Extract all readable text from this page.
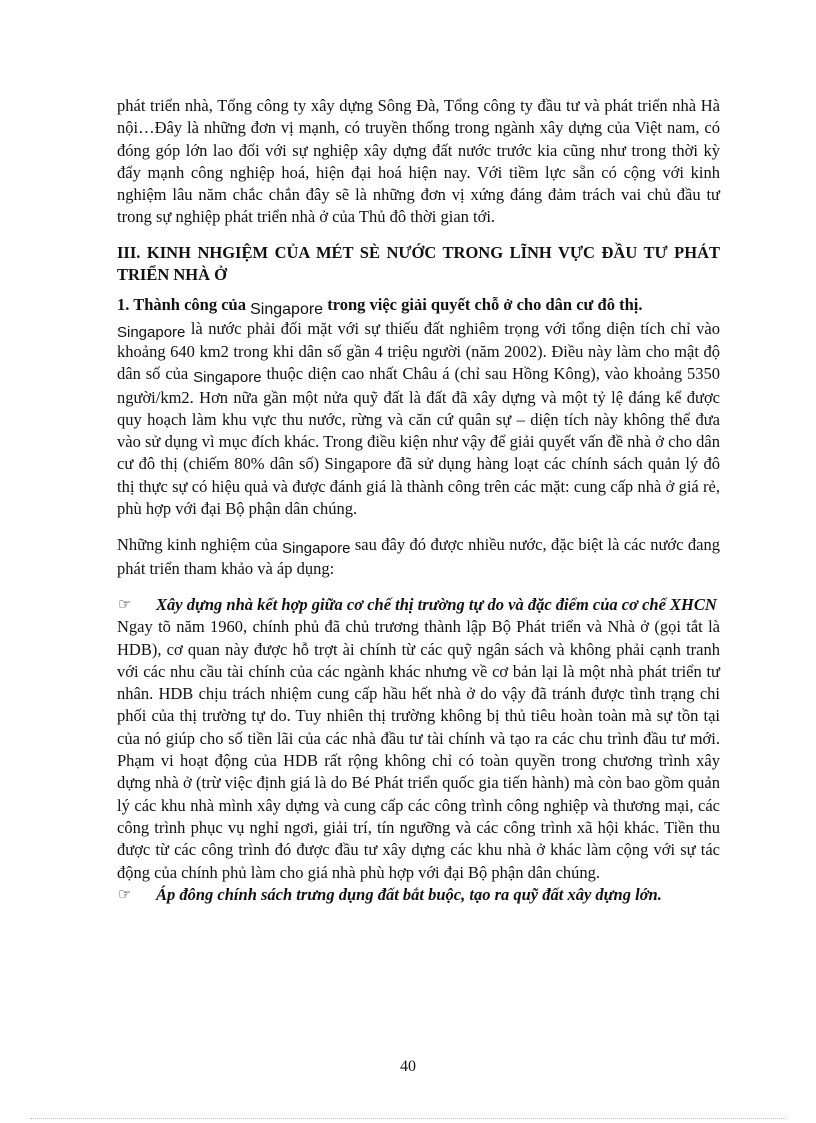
phát triển nhà, Tổng công ty xây dựng Sông Đà, Tổng công ty đầu tư và phát triển nhà Hà nội…Đây là những đơn vị mạnh, có truyền thống trong ngành xây dựng của Việt nam, có đóng góp lớn lao đối với sự nghiệp xây dựng đất nước trước kia cũng như trong thời kỳ đẩy mạnh công nghiệp hoá, hiện đại hoá hiện nay. Với tiềm lực sẵn có cộng với kinh nghiệm lâu năm chắc chắn đây sẽ là những đơn vị xứng đáng đảm trách vai chủ đầu tư trong sự nghiệp phát triển nhà ở của Thủ đô thời gian tới.

III. KINH NHGIỆM CỦA MÉT SÈ NƯỚC TRONG LĨNH VỰC ĐẦU TƯ PHÁT TRIỂN NHÀ Ở

1. Thành công của Singapore trong việc giải quyết chỗ ở cho dân cư đô thị.

Singapore là nước phải đối mặt với sự thiếu đất nghiêm trọng với tổng diện tích chỉ vào khoảng 640 km2 trong khi dân số gần 4 triệu người (năm 2002). Điều này làm cho mật độ dân số của Singapore thuộc diện cao nhất Châu á (chỉ sau Hồng Kông), vào khoảng 5350 người/km2. Hơn nữa gần một nửa quỹ đất là đất đã xây dựng và một tỷ lệ đáng kể được quy hoạch làm khu vực thu nước, rừng và căn cứ quân sự – diện tích này không thể đưa vào sử dụng vì mục đích khác. Trong điều kiện như vậy để giải quyết vấn đề nhà ở cho dân cư đô thị (chiếm 80% dân số) Singapore đã sử dụng hàng loạt các chính sách quản lý đô thị thực sự có hiệu quả và được đánh giá là thành công trên các mặt: cung cấp nhà ở giá rẻ, phù hợp với đại Bộ phận dân chúng.

Những kinh nghiệm của Singapore sau đây đó được nhiều nước, đặc biệt là các nước đang phát triển tham khảo và áp dụng:

☞	Xây dựng nhà kết hợp giữa cơ chế thị trường tự do và đặc điểm của cơ chế XHCN

Ngay tõ năm 1960, chính phủ đã chủ trương thành lập Bộ Phát triển và Nhà ở (gọi tắt là HDB), cơ quan này được hỗ trợt ài chính từ các quỹ ngân sách và không phải cạnh tranh với các nhu cầu tài chính của các ngành khác nhưng về cơ bản lại là một nhà phát triển tư nhân. HDB chịu trách nhiệm cung cấp hầu hết nhà ở do vậy đã tránh được tình trạng chi phối của thị trường tự do. Tuy nhiên thị trường không bị thủ tiêu hoàn toàn mà sự tồn tại của nó giúp cho số tiền lãi của các nhà đầu tư tài chính và tạo ra các chu trình đầu tư mới. Phạm vi hoạt động của HDB rất rộng không chỉ có toàn quyền trong chương trình xây dựng nhà ở (trừ việc định giá là do Bé Phát triển quốc gia tiến hành) mà còn bao gồm quản lý các khu nhà mình xây dựng và cung cấp các công trình công nghiệp và thương mại, các công trình phục vụ nghỉ ngơi, giải trí, tín ngưỡng và các công trình xã hội khác. Tiền thu được từ các công trình đó được đầu tư xây dựng các khu nhà ở khác làm cộng với sự tác động của chính phủ làm cho giá nhà phù hợp với đại Bộ phận dân chúng.

☞	Áp đông chính sách trưng dụng đất bắt buộc, tạo ra quỹ đất xây dựng lớn.
40
